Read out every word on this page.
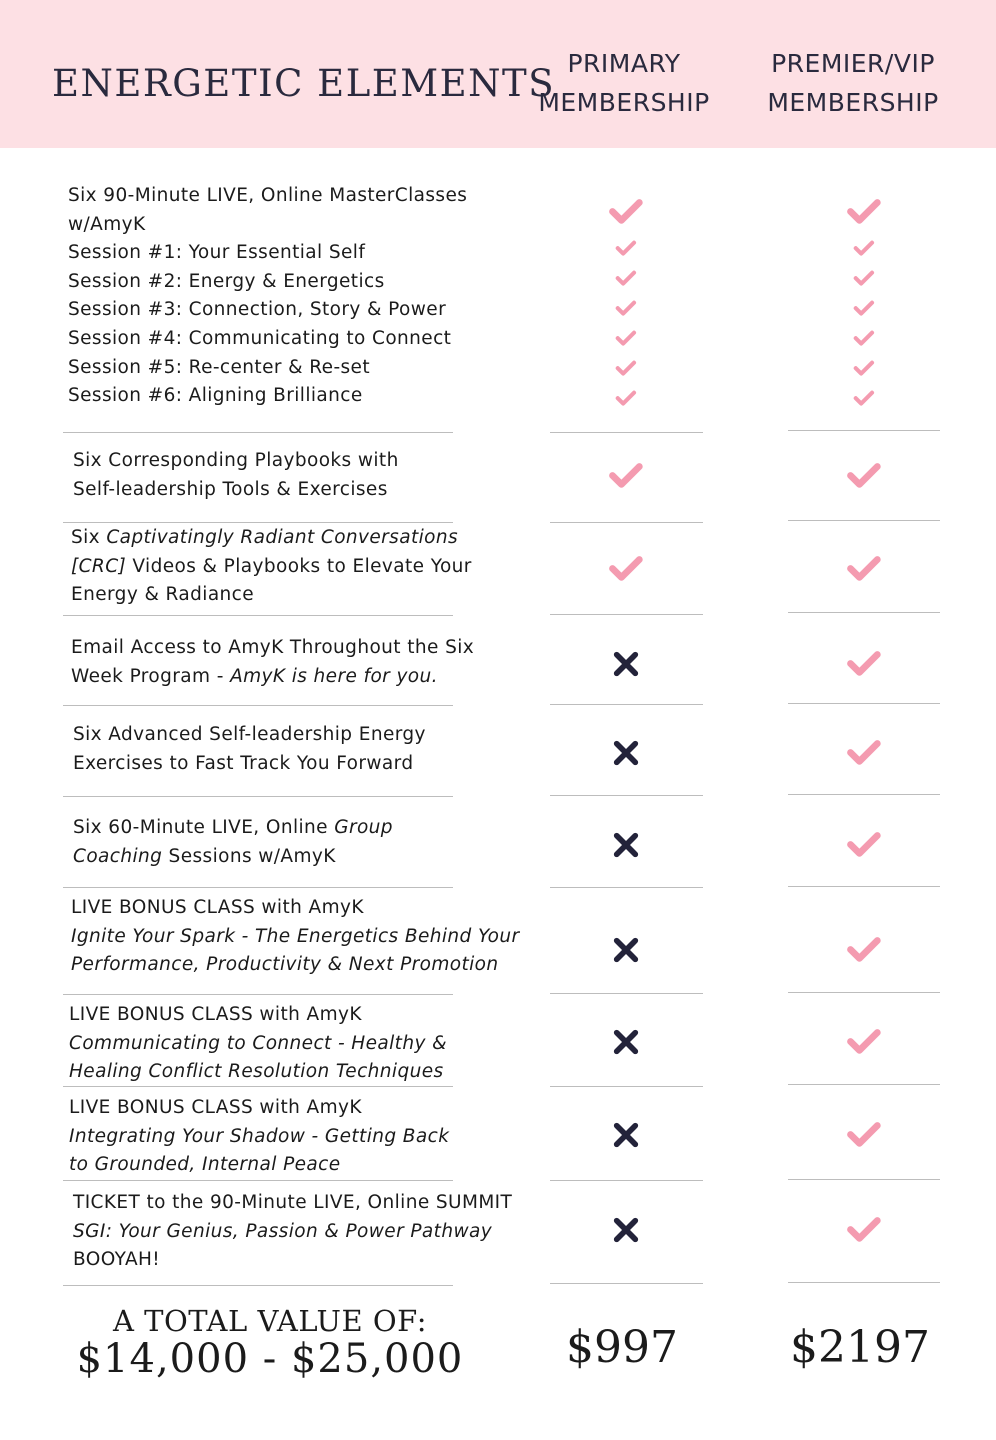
ENERGETIC ELEMENTS PRIMARY
MEMBERSHIP
PREMIER/VIP
MEMBERSHIP
Six 90-Minute LIVE, Online MasterClasses
w/AmyK
Session #1: Your Essential Self
Session #2: Energy & Energetics
Session #3: Connection, Story & Power
Session #4: Communicating to Connect
Session #5: Re-center & Re-set
Session #6: Aligning Brilliance
Six Corresponding Playbooks with
Self-leadership Tools & Exercises
Six Captivatingly Radiant Conversations
[CRC] Videos & Playbooks to Elevate Your
Energy & Radiance
Email Access to AmyK Throughout the Six
Week Program - AmyK is here for you.
Six Advanced Self-leadership Energy
Exercises to Fast Track You Forward
Six 60-Minute LIVE, Online Group
Coaching Sessions w/AmyK
LIVE BONUS CLASS with AmyK
Ignite Your Spark - The Energetics Behind Your
Performance, Productivity & Next Promotion
LIVE BONUS CLASS with AmyK
Communicating to Connect - Healthy &
Healing Conflict Resolution Techniques
LIVE BONUS CLASS with AmyK
Integrating Your Shadow - Getting Back
to Grounded, Internal Peace
TICKET to the 90-Minute LIVE, Online SUMMIT
SGI: Your Genius, Passion & Power Pathway
BOOYAH!
A TOTAL VALUE OF:
$14,000 - $25,000	$997	$2197
